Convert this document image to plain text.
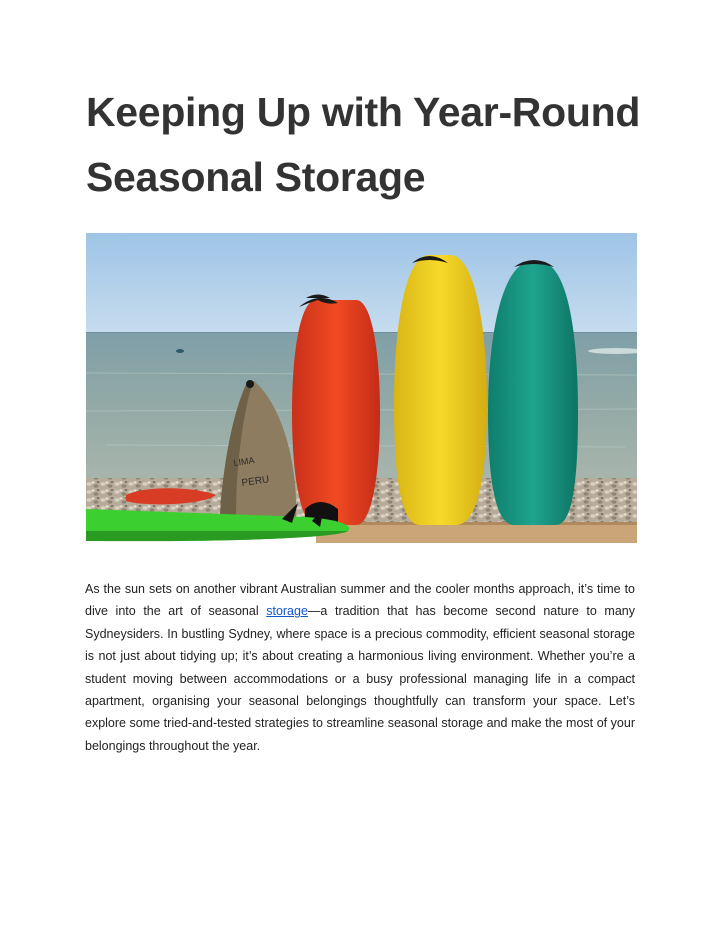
Keeping Up with Year-Round Seasonal Storage
LIMA
PERU

As the sun sets on another vibrant Australian summer and the cooler months approach, it’s time to dive into the art of seasonal storage—a tradition that has become second nature to many Sydneysiders. In bustling Sydney, where space is a precious commodity, efficient seasonal storage is not just about tidying up; it’s about creating a harmonious living environment. Whether you’re a student moving between accommodations or a busy professional managing life in a compact apartment, organising your seasonal belongings thoughtfully can transform your space. Let’s explore some tried-and-tested strategies to streamline seasonal storage and make the most of your belongings throughout the year.
